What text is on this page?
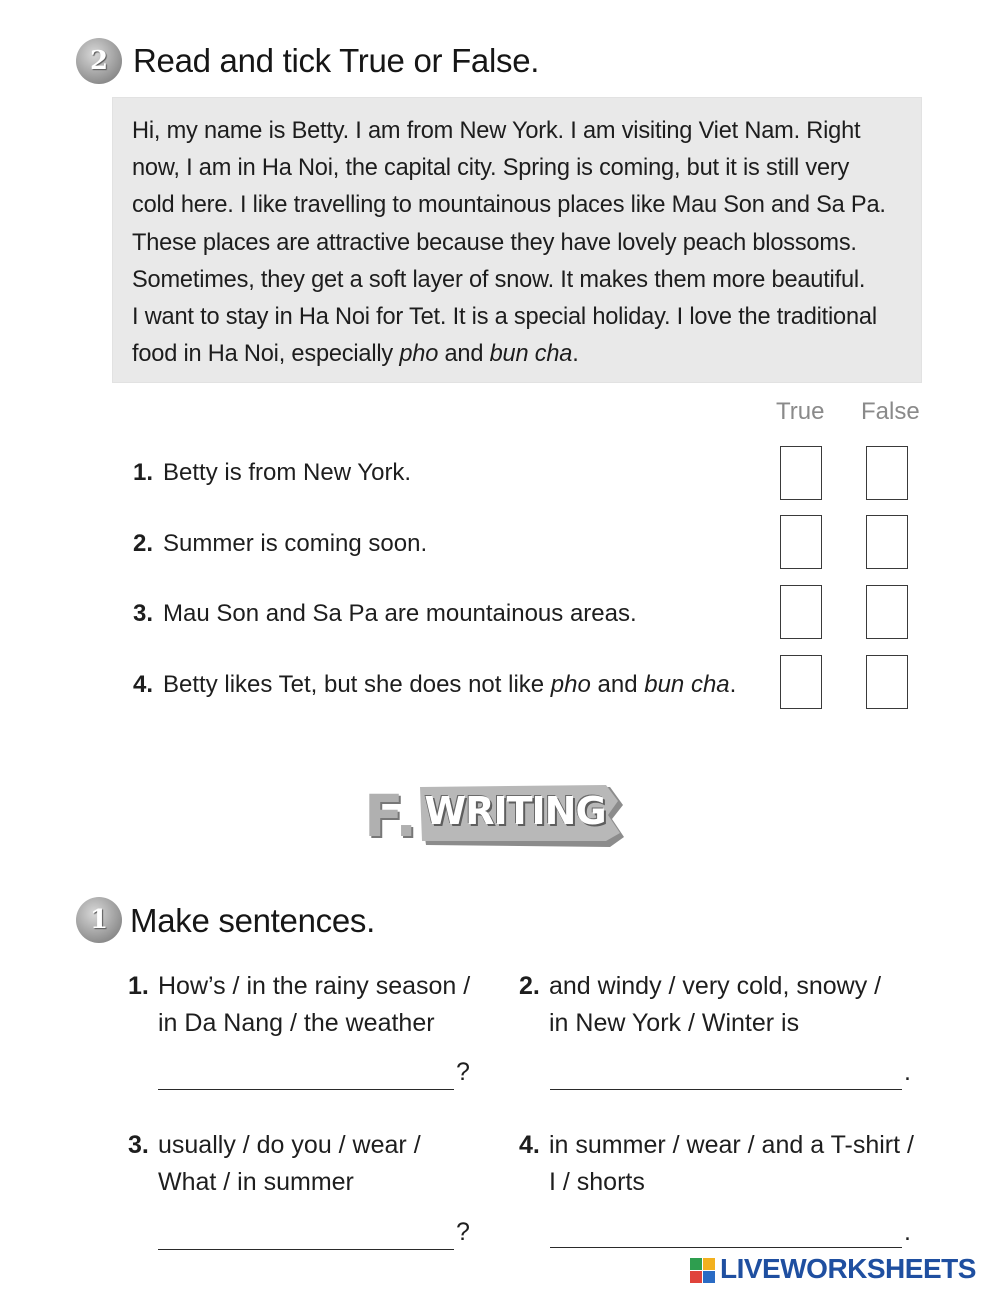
2 Read and tick True or False.
Hi, my name is Betty. I am from New York. I am visiting Viet Nam. Right
now, I am in Ha Noi, the capital city. Spring is coming, but it is still very
cold here. I like travelling to mountainous places like Mau Son and Sa Pa.
These places are attractive because they have lovely peach blossoms.
Sometimes, they get a soft layer of snow. It makes them more beautiful.
I want to stay in Ha Noi for Tet. It is a special holiday. I love the traditional
food in Ha Noi, especially pho and bun cha.
True False
1. Betty is from New York.
2. Summer is coming soon.
3. Mau Son and Sa Pa are mountainous areas.
4. Betty likes Tet, but she does not like pho and bun cha.
F. WRITING
1 Make sentences.
1. How’s / in the rainy season /
in Da Nang / the weather
?
2. and windy / very cold, snowy /
in New York / Winter is
.
3. usually / do you / wear /
What / in summer
?
4. in summer / wear / and a T-shirt /
I / shorts
.
LIVEWORKSHEETS
